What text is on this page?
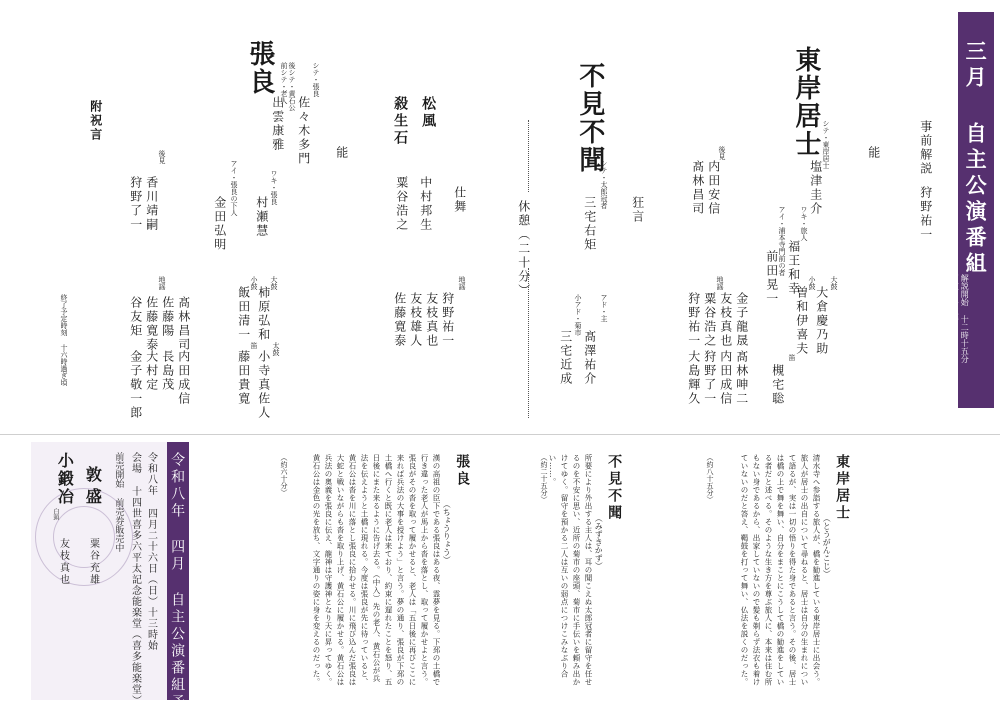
三月 自主公演番組
解説開始 十二時十五分
開演 十三時
事前解説
狩野祐一
能
東岸居士 シテ・東岸居士
塩津圭介
ワキ・旅人
福王和幸
アイ・浦本寺門前の者
前田晃一
後見
内田安信
髙林昌司
大鼓
大倉慶乃助
小鼓
曽和伊喜夫
笛
槻宅聡
地謡
金子龍晟
友枝真也
粟谷浩之
狩野祐一
髙林呻二
内田成信
狩野了一
大島輝久
狂言
不見不聞
シテ・太郎冠者
三宅右矩
アド・主
髙澤祐介
小アド・菊市
三宅近成
休憩（二十分）
仕舞
松風
中村邦生
殺生石
粟谷浩之
地謡
狩野祐一
友枝真也
友枝雄人
佐藤寛泰
能
張良	シテ・張良
佐々木多門
後シテ・黄石公
前シテ・老人
出雲康雅
ワキ・張良
村瀬慧
アイ・張良の下人
金田弘明
大鼓
柿原弘和
小鼓
飯田清一
太鼓
小寺真佐人
笛
藤田貴寛
後見
香川靖嗣
狩野了一
地謡
髙林昌司
佐藤陽
佐藤寛泰
谷友矩
内田成信
長島茂
大村定
金子敬一郎
附祝言
終了予定時刻 十六時過ぎ頃
東岸居士
（とうがんこじ）
清水寺へ参詣する旅人が、橋を勧進している東岸居士に出会う。旅人が居士の出自について尋ねると、居士は自分の生まれについて語るが、実は一切の悟りを得た身であると言う。その後、居士は橋の上で舞を舞い、自分をまことにこうして橋の勧進をしている者だと述べる。そのような生き方を尊ぶ旅人に、本来は住む所もない身であるから、出家していないので髪も剃らず法衣も着けていないのだと答え、鞨鼓を打って舞い、仏法を説くのだった。
（約八十五分）
不見不聞
（みずきかず）
所要により外出する主人は、耳の聞こえぬ太郎冠者に留守を任せるのを不安に思い、近所の菊市の座頭、菊市に手伝いを頼み出かけてゆく。留守を預かる二人は互いの弱点につけこみなぶり合い……。
（約二十五分）
張良
（ちょうりょう）
漢の高祖の臣下である張良はある夜、霊夢を見る。下邳の土橋で行き違った老人が馬上から沓を落とし、取って履かせよと言う。張良がその沓を取って履かせると、老人は「五日後に再びここに来れば兵法の大事を授けよう」と言う。夢の通り、張良が下邳の土橋へ行くと既に老人は来ており、約束に遅れたことを怒り、五日後にまた来るように告げ去る。（中入）先の老人、黄石公が兵法を伝えようと土橋に現れる。今度は張良が先に待っていると、黄石公は沓を川に落とし張良に拾わせる。川に飛び込んだ張良は大蛇と戦いながらも沓を取り上げ、黄石公に履かせる。黄石公は兵法の奥義を張良に伝え、龍神は守護神となり天に昇ってゆく。黄石公は金色の光を放ち、文字通りの姿に身を変えるのだった。
（約六十分）
令和八年 四月二十六日（日）十三時始
会場 十四世喜多六平太記念能楽堂（喜多能楽堂）
前売開始 前売券販売中
敦盛
粟谷充雄
小鍛冶
白頭
友枝真也	令和八年 四月 自主公演番組予告
